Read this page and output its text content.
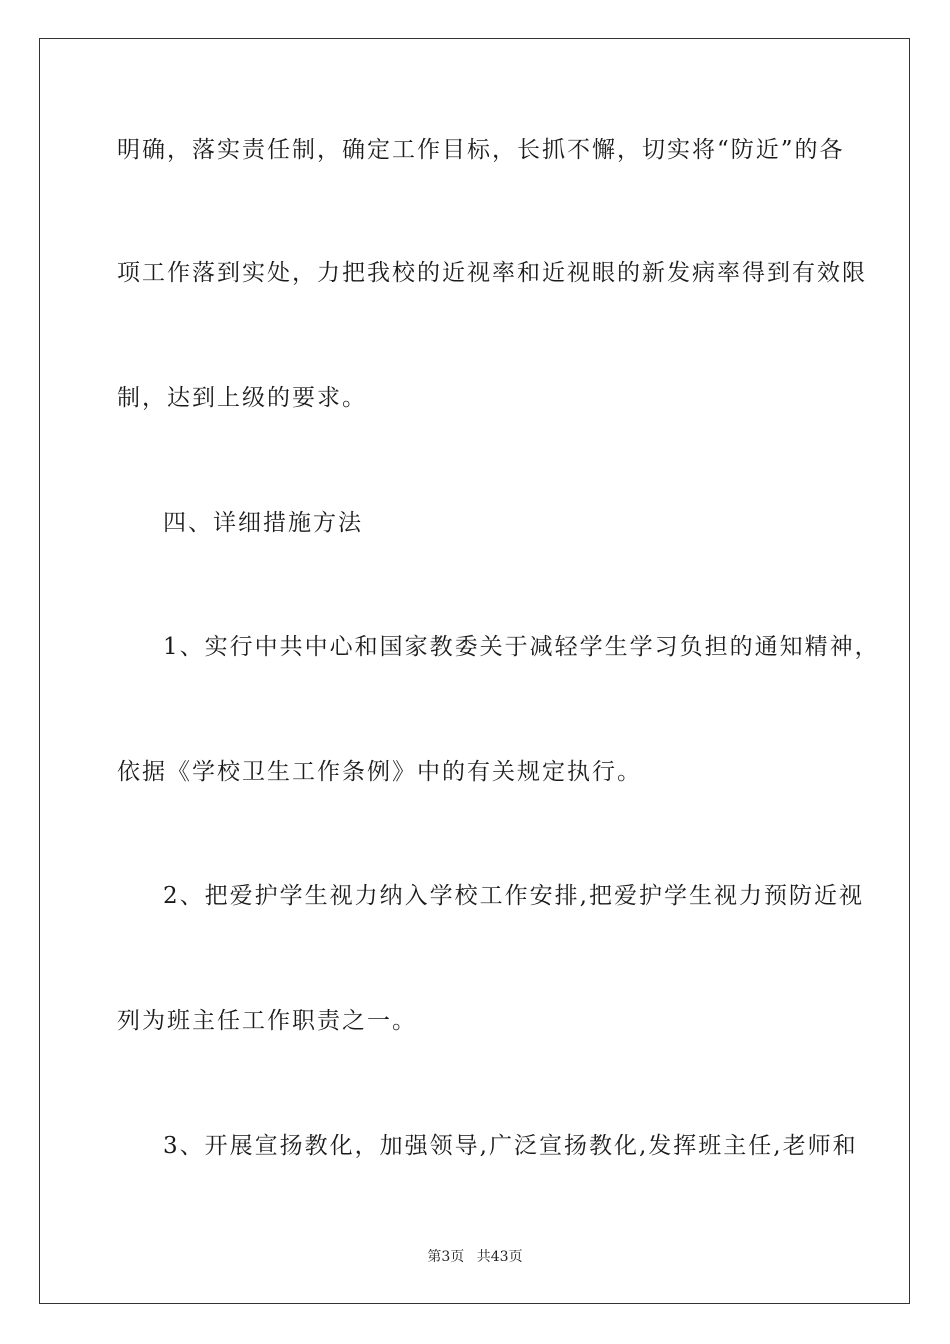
明确，落实责任制，确定工作目标，长抓不懈，切实将“防近”的各
项工作落到实处，力把我校的近视率和近视眼的新发病率得到有效限
制，达到上级的要求。
四、详细措施方法
1、实行中共中心和国家教委关于减轻学生学习负担的通知精神，
依据《学校卫生工作条例》中的有关规定执行。
2、把爱护学生视力纳入学校工作安排,把爱护学生视力预防近视
列为班主任工作职责之一。
3、开展宣扬教化，加强领导,广泛宣扬教化,发挥班主任,老师和
第3页 共43页
